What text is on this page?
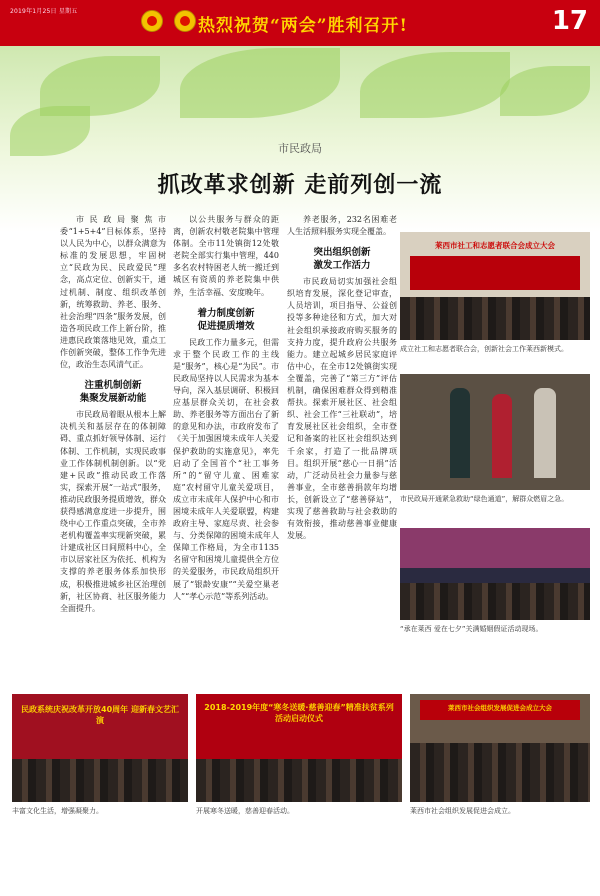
2019年1月25日 星期五
热烈祝贺“两会”胜利召开!	17
市民政局
抓改革求创新 走前列创一流

市民政局聚焦市委“1+5+4”目标体系，坚持以人民为中心，以群众满意为标准的发展思想，牢固树立“民政为民、民政爱民”理念，高点定位、创新实干，通过机制、制度、组织改革创新，统筹救助、养老、服务、社会治理“四条”服务发展，创造各项民政工作上新台阶，推进惠民政策落地见效，重点工作创新突破，整体工作争先进位，政治生态风清气正。

注重机制创新
集聚发展新动能

市民政局着眼从根本上解决机关和基层存在的体制障碍、重点抓好领导体制、运行体制、工作机制，实现民政事业工作体制机制创新。以“党建+民政”推动民政工作落实，探索开展“一站式”服务，推动民政服务提质增效，群众获得感满意度进一步提升，围绕中心工作重点突破，全市养老机构覆盖率实现新突破，累计建成社区日间照料中心，全市以居家社区为依托、机构为支撑的养老服务体系加快形成，积极推进城乡社区治理创新，社区协商、社区服务能力全面提升。

以公共服务与群众的距离，创新农村敬老院集中管理体制。全市11处镇街12处敬老院全部实行集中管理，440多名农村特困老人统一搬迁到城区有资质的养老院集中供养，生活幸福、安度晚年。

着力制度创新
促进提质增效

民政工作力量多元，但需求于整个民政工作的主线是“服务”，核心是“为民”。市民政局坚持以人民需求为基本导向，深入基层调研、积极回应基层群众关切，在社会救助、养老服务等方面出台了新的意见和办法，市政府发布了《关于加强困境未成年人关爱保护救助的实施意见》，率先启动了全国首个“社工事务所”的“留守儿童、困难家庭”农村留守儿童关爱项目，成立市未成年人保护中心和市困境未成年人关爱联盟，构建政府主导、家庭尽责、社会参与、分类保障的困境未成年人保障工作格局，为全市1135名留守和困境儿童提供全方位的关爱服务，市民政局组织开展了“银龄安康”“关爱空巢老人”“孝心示范”等系列活动。

养老服务，232名困难老人生活照料服务实现全覆盖。

突出组织创新
激发工作活力

市民政局切实加强社会组织培育发展，深化登记审查，人员培训，项目指导、公益创投等多种途径和方式，加大对社会组织承接政府购买服务的支持力度，提升政府公共服务能力。建立起城乡居民家庭评估中心，在全市12处镇街实现全覆盖，完善了“第三方”评估机制，确保困难群众得到精准帮扶。探索开展社区、社会组织、社会工作“三社联动”，培育发展社区社会组织，全市登记和备案的社区社会组织达到千余家，打造了一批品牌项目。组织开展“慈心一日捐”活动，广泛动员社会力量参与慈善事业，全市慈善捐款年均增长，创新设立了“慈善驿站”，实现了慈善救助与社会救助的有效衔接，推动慈善事业健康发展。

莱西市社工和志愿者联合会成立大会
成立社工和志愿者联合会，创新社会工作莱西新模式。
市民政局开通紧急救助“绿色通道”，解群众燃眉之急。
“承在莱西 爱在七夕”关满婚姻假证活动现场。
民政系统庆祝改革开放40周年 迎新春文艺汇演
丰富文化生活，增强凝聚力。
2018-2019年度“寒冬送暖·慈善迎春”精准扶贫系列活动启动仪式
开展寒冬送暖，慈善迎春活动。
莱西市社会组织发展促进会成立大会
莱西市社会组织发展促进会成立。
